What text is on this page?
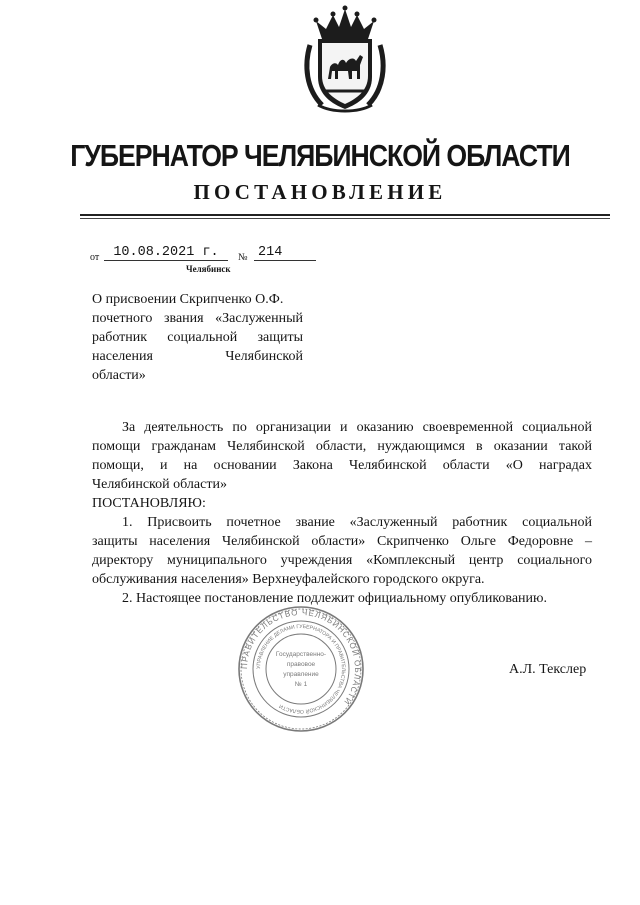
ГУБЕРНАТОР ЧЕЛЯБИНСКОЙ ОБЛАСТИ
ПОСТАНОВЛЕНИЕ
от	10.08.2021 г.	№ 214
Челябинск
О присвоении Скрипченко О.Ф.
почетного звания «Заслуженный
работник социальной защиты
населения Челябинской
области»
За деятельность по организации и оказанию своевременной социальной
помощи гражданам Челябинской области, нуждающимся в оказании такой
помощи, и на основании Закона Челябинской области «О наградах
Челябинской области»
ПОСТАНОВЛЯЮ:
1. Присвоить почетное звание «Заслуженный работник социальной
защиты населения Челябинской области» Скрипченко Ольге Федоровне –
директору муниципального учреждения «Комплексный центр социального
обслуживания населения» Верхнеуфалейского городского округа.
2. Настоящее постановление подлежит официальному опубликованию.
ПРАВИТЕЛЬСТВО ЧЕЛЯБИНСКОЙ ОБЛАСТИ
УПРАВЛЕНИЕ ДЕЛАМИ ГУБЕРНАТОРА И ПРАВИТЕЛЬСТВА ЧЕЛЯБИНСКОЙ ОБЛАСТИ
Государственно-
правовое
управление
№ 1
А.Л. Текслер
